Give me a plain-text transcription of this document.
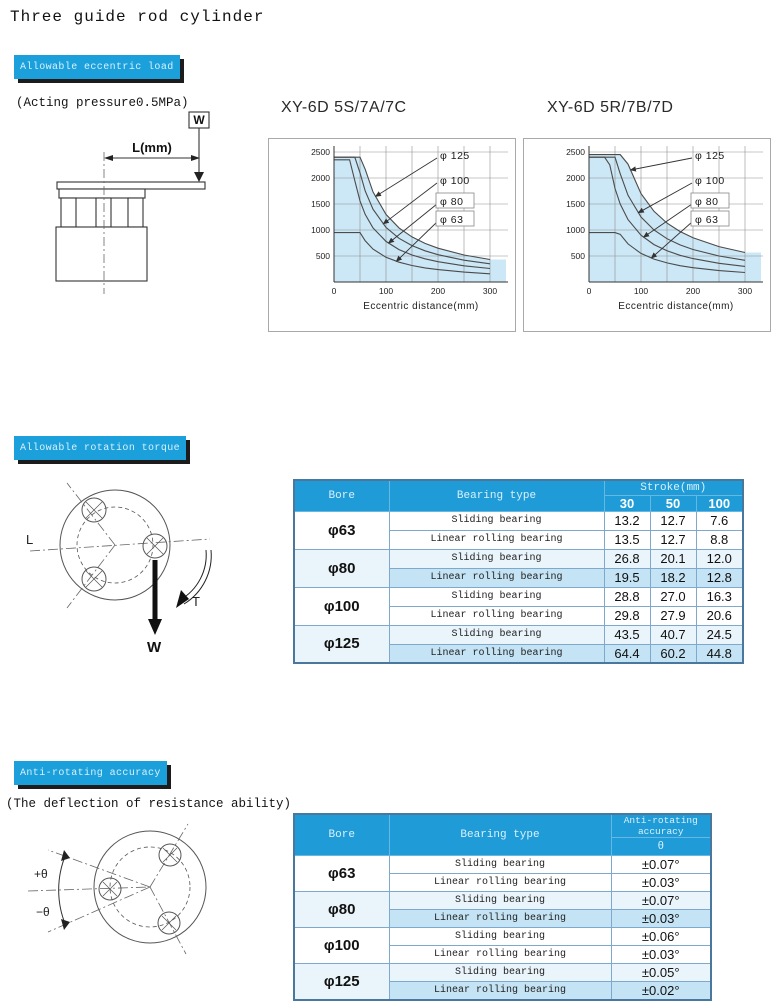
Three guide rod cylinder
Allowable eccentric load
(Acting pressure0.5MPa)
W
L(mm)
XY-6D 5S/7A/7C	XY-6D 5R/7B/7D
500
1000
1500
2000
2500
0	100	200	300
Eccentric distance(mm)
φ 125
φ 100
φ 80
φ 63
500
1000
1500
2000
2500
0	100	200	300
Eccentric distance(mm)
φ 125
φ 100
φ 80
φ 63
Allowable rotation torque
L
T
W
Bore	Bearing type	Stroke(mm)		
		30	50	100
φ63	Sliding bearing	13.2	12.7	7.6
	Linear rolling bearing	13.5	12.7	8.8
φ80	Sliding bearing	26.8	20.1	12.0
	Linear rolling bearing	19.5	18.2	12.8
φ100	Sliding bearing	28.8	27.0	16.3
	Linear rolling bearing	29.8	27.9	20.6
φ125	Sliding bearing	43.5	40.7	24.5
	Linear rolling bearing	64.4	60.2	44.8
Anti-rotating accuracy
(The deflection of resistance ability)
+θ
−θ
Bore	Bearing type	Anti-rotating accuracy
		θ
φ63	Sliding bearing	±0.07°
	Linear rolling bearing	±0.03°
φ80	Sliding bearing	±0.07°
	Linear rolling bearing	±0.03°
φ100	Sliding bearing	±0.06°
	Linear rolling bearing	±0.03°
φ125	Sliding bearing	±0.05°
	Linear rolling bearing	±0.02°
